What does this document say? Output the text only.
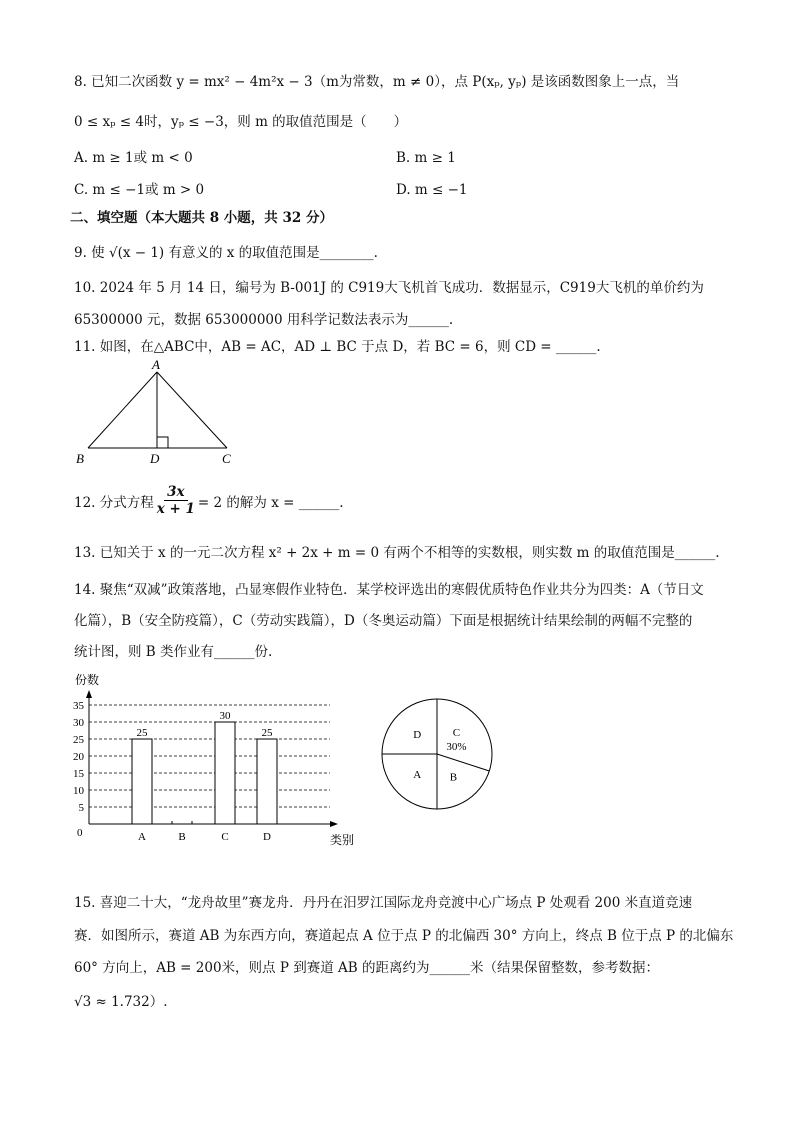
8. 已知二次函数 y = mx² − 4m²x − 3（m为常数，m ≠ 0），点 P(xₚ, yₚ) 是该函数图象上一点，当
0 ≤ xₚ ≤ 4时，yₚ ≤ −3，则 m 的取值范围是（　　）
A. m ≥ 1或 m < 0	B. m ≥ 1
C. m ≤ −1或 m > 0	D. m ≤ −1
二、填空题（本大题共 8 小题，共 32 分）
9. 使 √(x − 1) 有意义的 x 的取值范围是________.
10. 2024 年 5 月 14 日，编号为 B-001J 的 C919大飞机首飞成功．数据显示，C919大飞机的单价约为
65300000 元，数据 653000000 用科学记数法表示为______.
11. 如图，在△ABC中，AB = AC，AD ⊥ BC 于点 D，若 BC = 6，则 CD = ______.
A
B	D	C
12. 分式方程 $\frac{3x}{x + 1} = 2$ 的解为 x = ______.
13. 已知关于 x 的一元二次方程 x² + 2x + m = 0 有两个不相等的实数根，则实数 m 的取值范围是______.
14. 聚焦“双减”政策落地，凸显寒假作业特色．某学校评选出的寒假优质特色作业共分为四类：A（节日文
化篇），B（安全防疫篇），C（劳动实践篇），D（冬奥运动篇）下面是根据统计结果绘制的两幅不完整的
统计图，则 B 类作业有______份.
份数
类别
0
5
10
15
20
25
30
35
25
A	B
30
C
25
D
C
30%
B
A
D
15. 喜迎二十大，“龙舟故里”赛龙舟．丹丹在汨罗江国际龙舟竞渡中心广场点 P 处观看 200 米直道竞速
赛．如图所示，赛道 AB 为东西方向，赛道起点 A 位于点 P 的北偏西 30° 方向上，终点 B 位于点 P 的北偏东
60° 方向上，AB = 200米，则点 P 到赛道 AB 的距离约为______米（结果保留整数，参考数据：
√3 ≈ 1.732）.
